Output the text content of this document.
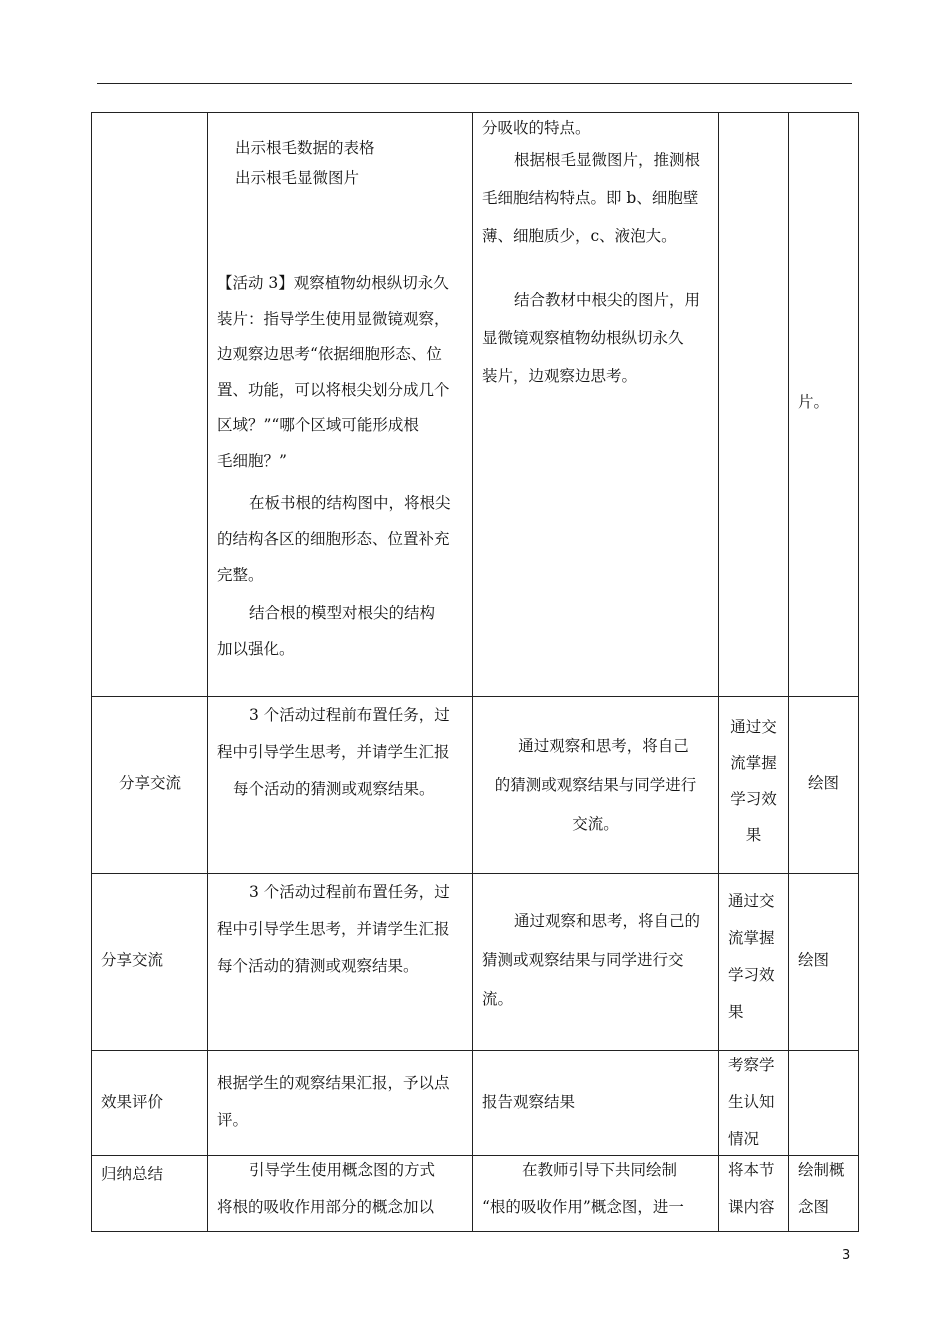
出示根毛数据的表格

出示根毛显微图片

【活动 3】观察植物幼根纵切永久

装片：指导学生使用显微镜观察，

边观察边思考“依据细胞形态、位

置、功能，可以将根尖划分成几个

区域？”“哪个区域可能形成根

毛细胞？”

在板书根的结构图中，将根尖

的结构各区的细胞形态、位置补充

完整。

结合根的模型对根尖的结构

加以强化。

分吸收的特点。

根据根毛显微图片，推测根

毛细胞结构特点。即 b、细胞壁

薄、细胞质少，c、液泡大。

结合教材中根尖的图片，用

显微镜观察植物幼根纵切永久

装片，边观察边思考。

片。
分享交流

3 个活动过程前布置任务，过

程中引导学生思考，并请学生汇报

每个活动的猜测或观察结果。

通过观察和思考，将自己

的猜测或观察结果与同学进行

交流。

通过交

流掌握

学习效

果

绘图
分享交流

3 个活动过程前布置任务，过

程中引导学生思考，并请学生汇报

每个活动的猜测或观察结果。

通过观察和思考，将自己的

猜测或观察结果与同学进行交

流。

通过交

流掌握

学习效

果

绘图
效果评价

根据学生的观察结果汇报，予以点

评。

报告观察结果

考察学

生认知

情况

归纳总结	引导学生使用概念图的方式

将根的吸收作用部分的概念加以

在教师引导下共同绘制

“根的吸收作用”概念图，进一

将本节

课内容

绘制概

念图

3
